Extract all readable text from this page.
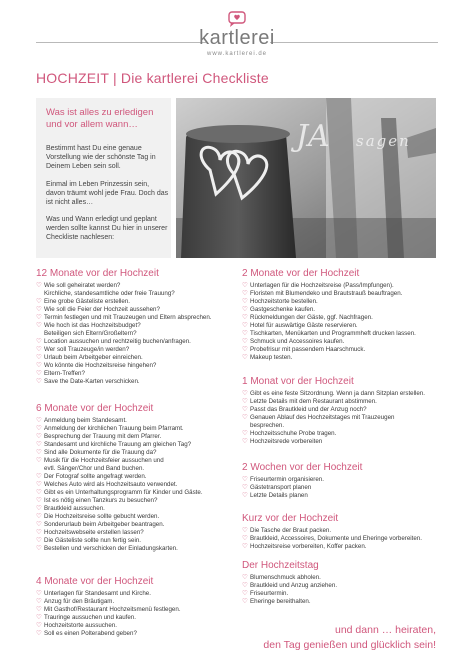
kartlerei
www.kartlerei.de
HOCHZEIT | Die kartlerei Checkliste
Was ist alles zu erledigen und vor allem wann…
Bestimmt hast Du eine genaue Vorstellung wie der schönste Tag in Deinem Leben sein soll.
Einmal im Leben Prinzessin sein, davon träumt wohl jede Frau. Doch das ist nicht alles…
Was und Wann erledigt und geplant werden sollte kannst Du hier in unserer Checkliste nachlesen:
JA sagen
12 Monate vor der Hochzeit
6 Monate vor der Hochzeit
4 Monate vor der Hochzeit
2 Monate vor der Hochzeit
1 Monat vor der Hochzeit
2 Wochen vor der Hochzeit
Kurz vor der Hochzeit
Der Hochzeitstag
und dann … heiraten,
den Tag genießen und glücklich sein!
♡ Wie soll geheiratet werden?
Kirchliche, standesamtliche oder freie Trauung?
♡ Eine grobe Gästeliste erstellen.
♡ Wie soll die Feier der Hochzeit aussehen?
♡ Termin festlegen und mit Trauzeugen und Eltern absprechen.
♡ Wie hoch ist das Hochzeitsbudget?
Beteiligen sich Eltern/Großeltern?
♡ Location aussuchen und rechtzeitig buchen/anfragen.
♡ Wer soll Trauzeuge/in werden?
♡ Urlaub beim Arbeitgeber einreichen.
♡ Wo könnte die Hochzeitsreise hingehen?
♡ Eltern-Treffen?
♡ Save the Date-Karten verschicken.
♡ Anmeldung beim Standesamt.
♡ Anmeldung der kirchlichen Trauung beim Pfarramt.
♡ Besprechung der Trauung mit dem Pfarrer.
♡ Standesamt und kirchliche Trauung am gleichen Tag?
♡ Sind alle Dokumente für die Trauung da?
♡ Musik für die Hochzeitsfeier aussuchen und
evtl. Sänger/Chor und Band buchen.
♡ Der Fotograf sollte angefragt werden.
♡ Welches Auto wird als Hochzeitsauto verwendet.
♡ Gibt es ein Unterhaltungsprogramm für Kinder und Gäste.
♡ Ist es nötig einen Tanzkurs zu besuchen?
♡ Brautkleid aussuchen.
♡ Die Hochzeitsreise sollte gebucht werden.
♡ Sonderurlaub beim Arbeitgeber beantragen.
♡ Hochzeitswebseite erstellen lassen?
♡ Die Gästeliste sollte nun fertig sein.
♡ Bestellen und verschicken der Einladungskarten.
♡ Unterlagen für Standesamt und Kirche.
♡ Anzug für den Bräutigam.
♡ Mit Gasthof/Restaurant Hochzeitsmenü festlegen.
♡ Trauringe aussuchen und kaufen.
♡ Hochzeitstorte aussuchen.
♡ Soll es einen Polterabend geben?
♡ Unterlagen für die Hochzeitsreise (Pass/Impfungen).
♡ Floristen mit Blumendeko und Brautstrauß beauftragen.
♡ Hochzeitstorte bestellen.
♡ Gastgeschenke kaufen.
♡ Rückmeldungen der Gäste, ggf. Nachfragen.
♡ Hotel für auswärtige Gäste reservieren.
♡ Tischkarten, Menükarten und Programmheft drucken lassen.
♡ Schmuck und Accessoires kaufen.
♡ Probefrisur mit passendem Haarschmuck.
♡ Makeup testen.
♡ Gibt es eine feste Sitzordnung. Wenn ja dann Sitzplan erstellen.
♡ Letzte Details mit dem Restaurant abstimmen.
♡ Passt das Brautkleid und der Anzug noch?
♡ Genauen Ablauf des Hochzeitstages mit Trauzeugen
besprechen.
♡ Hochzeitsschuhe Probe tragen.
♡ Hochzeitsrede vorbereiten
♡ Friseurtermin organisieren.
♡ Gästetransport planen
♡ Letzte Details planen
♡ Die Tasche der Braut packen.
♡ Brautkleid, Accessoires, Dokumente und Eheringe vorbereiten.
♡ Hochzeitsreise vorbereiten, Koffer packen.
♡ Blumenschmuck abholen.
♡ Brautkleid und Anzug anziehen.
♡ Friseurtermin.
♡ Eheringe bereithalten.
